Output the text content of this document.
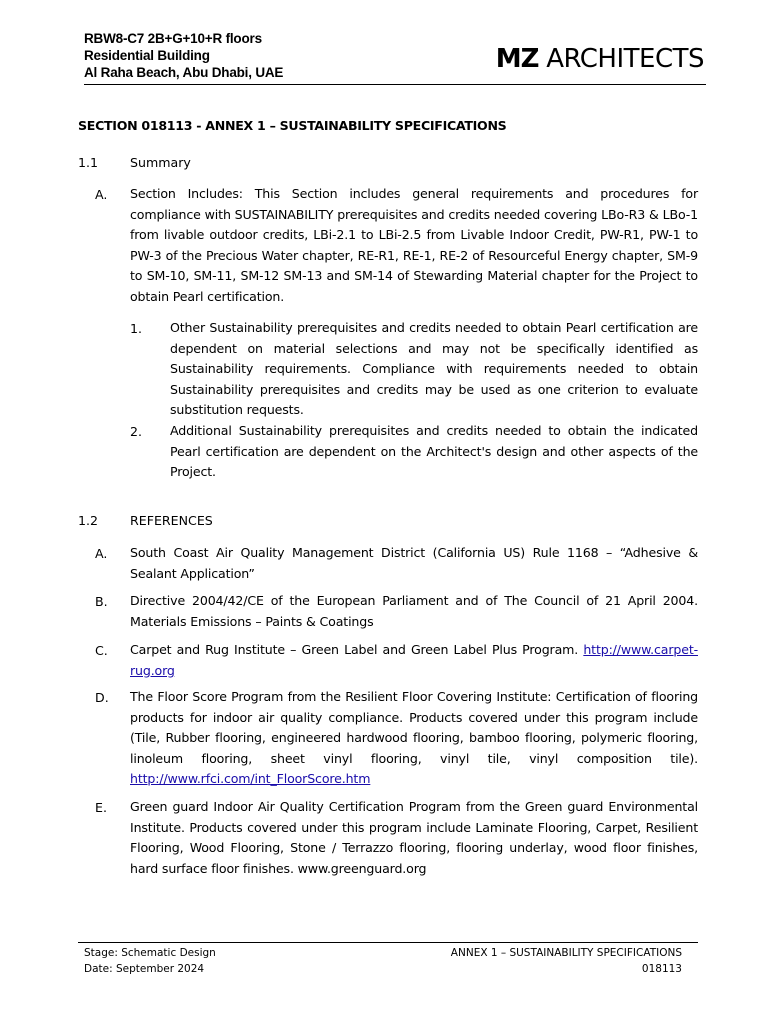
RBW8-C7 2B+G+10+R floors
Residential Building
Al Raha Beach, Abu Dhabi, UAE	MZ ARCHITECTS
SECTION 018113 - ANNEX 1 – SUSTAINABILITY SPECIFICATIONS
1.1	Summary
A. Section Includes: This Section includes general requirements and procedures for compliance with SUSTAINABILITY prerequisites and credits needed covering LBo-R3 & LBo-1 from livable outdoor credits, LBi-2.1 to LBi-2.5 from Livable Indoor Credit, PW-R1, PW-1 to PW-3 of the Precious Water chapter, RE-R1, RE-1, RE-2 of Resourceful Energy chapter, SM-9 to SM-10, SM-11, SM-12 SM-13 and SM-14 of Stewarding Material chapter for the Project to obtain Pearl certification.
1. Other Sustainability prerequisites and credits needed to obtain Pearl certification are dependent on material selections and may not be specifically identified as Sustainability requirements. Compliance with requirements needed to obtain Sustainability prerequisites and credits may be used as one criterion to evaluate substitution requests.
2. Additional Sustainability prerequisites and credits needed to obtain the indicated Pearl certification are dependent on the Architect's design and other aspects of the Project.
1.2	REFERENCES
A. South Coast Air Quality Management District (California US) Rule 1168 – “Adhesive & Sealant Application”
B. Directive 2004/42/CE of the European Parliament and of The Council of 21 April 2004. Materials Emissions – Paints & Coatings
C. Carpet and Rug Institute – Green Label and Green Label Plus Program. http://www.carpet-rug.org
D. The Floor Score Program from the Resilient Floor Covering Institute: Certification of flooring products for indoor air quality compliance. Products covered under this program include (Tile, Rubber flooring, engineered hardwood flooring, bamboo flooring, polymeric flooring, linoleum flooring, sheet vinyl flooring, vinyl tile, vinyl composition tile). http://www.rfci.com/int_FloorScore.htm
E. Green guard Indoor Air Quality Certification Program from the Green guard Environmental Institute. Products covered under this program include Laminate Flooring, Carpet, Resilient Flooring, Wood Flooring, Stone / Terrazzo flooring, flooring underlay, wood floor finishes, hard surface floor finishes. www.greenguard.org
Stage: Schematic Design
Date: September 2024
ANNEX 1 – SUSTAINABILITY SPECIFICATIONS
018113
